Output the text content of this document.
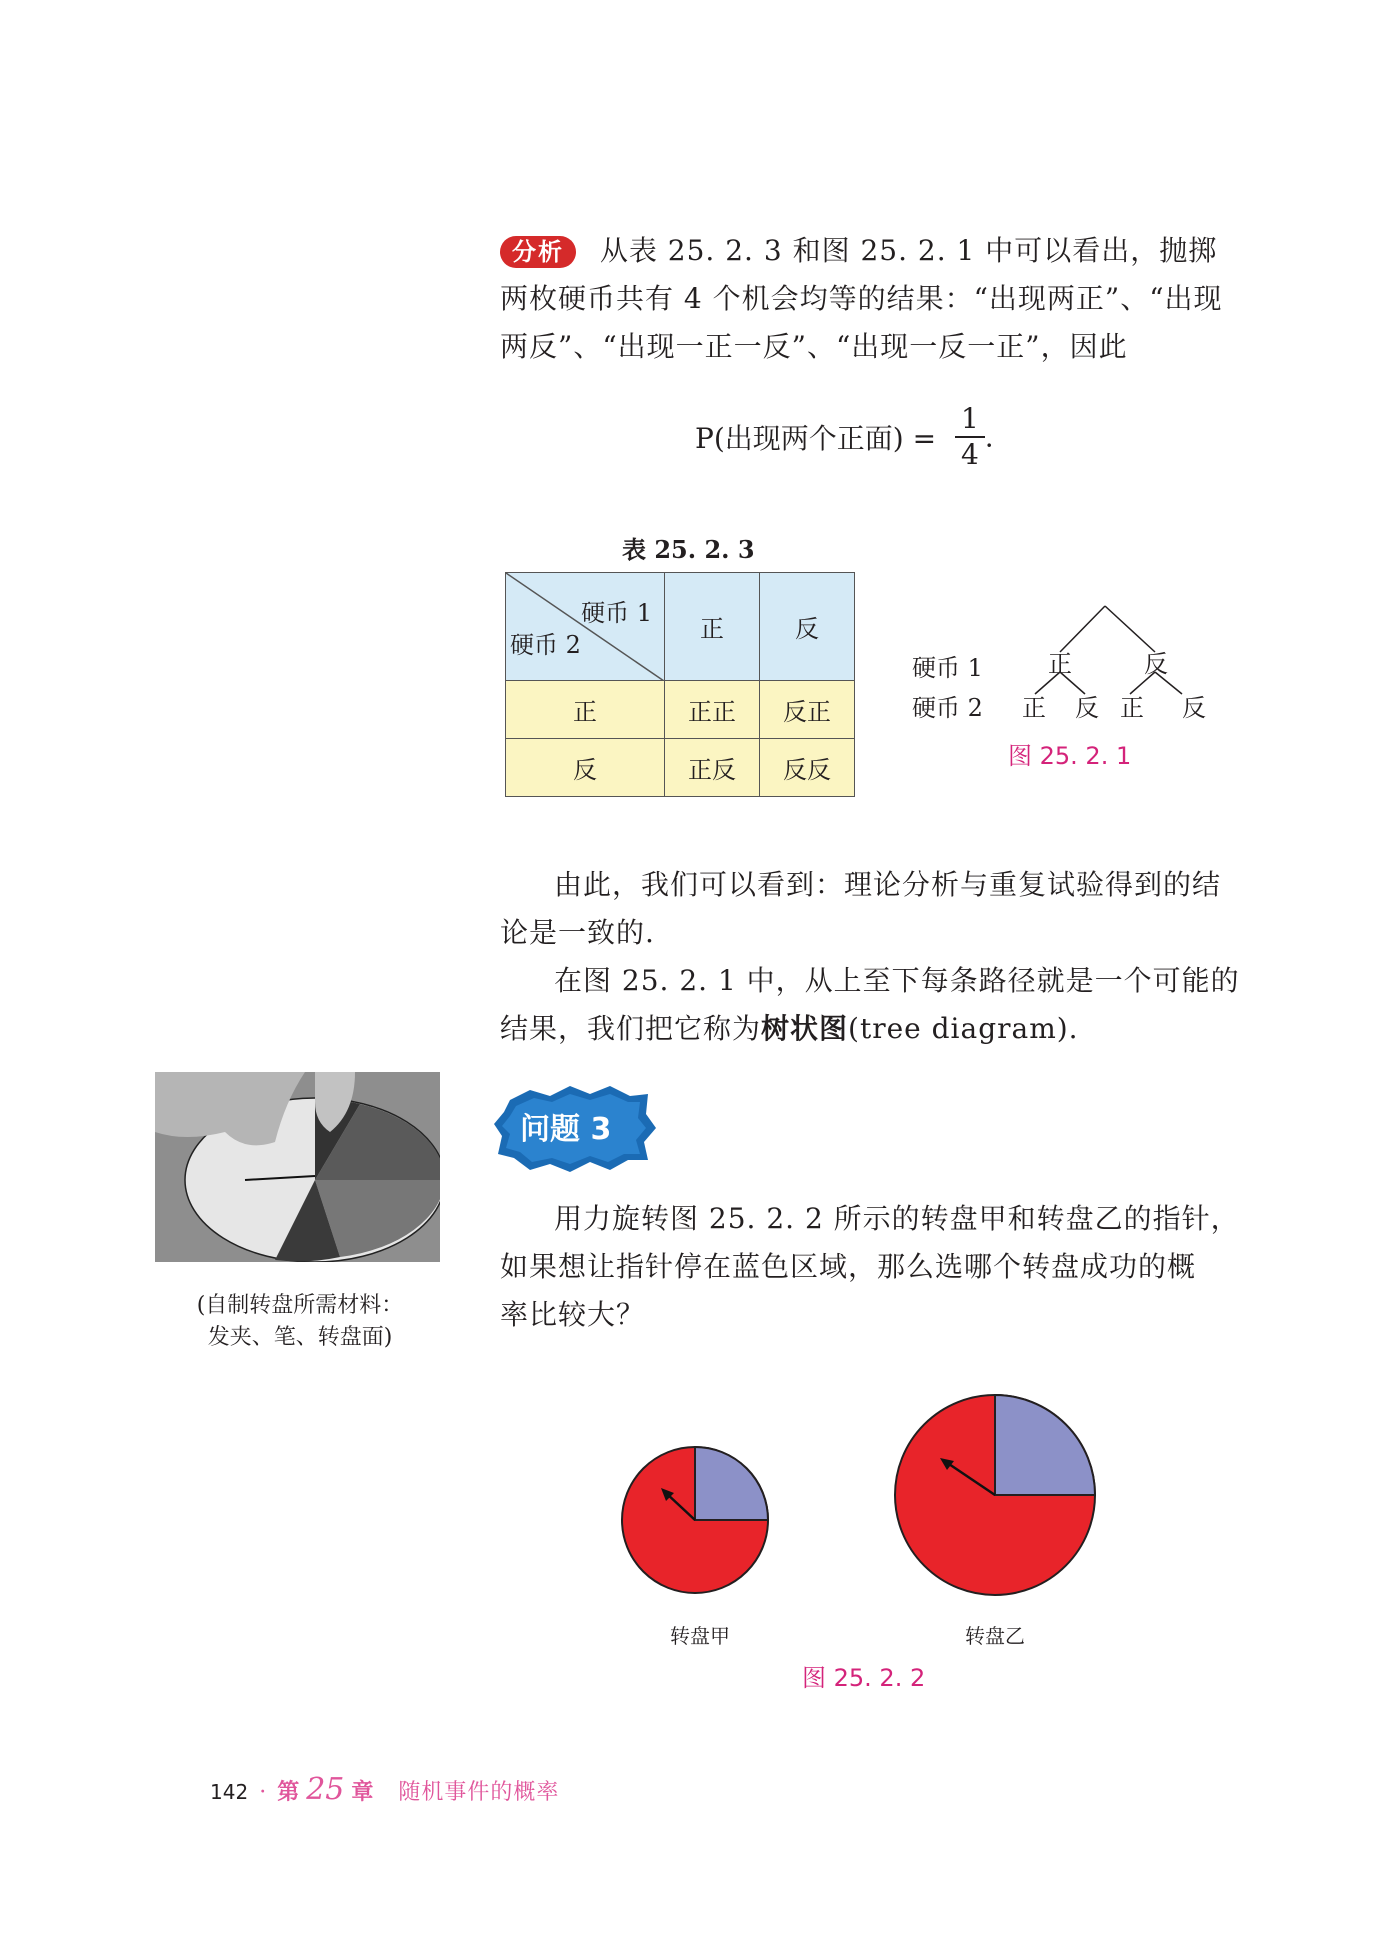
分析 从表 25. 2. 3 和图 25. 2. 1 中可以看出，抛掷
两枚硬币共有 4 个机会均等的结果：“出现两正”、“出现
两反”、“出现一正一反”、“出现一反一正”，因此
P(出现两个正面) = $\frac{1}{4}$ .
表 25. 2. 3
硬币 1
硬币 2	正	反
正	正正	反正
反	正反	反反
硬币 1
硬币 2
正	反
正 反 正 反
图 25. 2. 1
由此，我们可以看到：理论分析与重复试验得到的结
论是一致的.
在图 25. 2. 1 中，从上至下每条路径就是一个可能的
结果，我们把它称为树状图(tree diagram).
(自制转盘所需材料：
发夹、笔、转盘面)
问题 3
用力旋转图 25. 2. 2 所示的转盘甲和转盘乙的指针，
如果想让指针停在蓝色区域，那么选哪个转盘成功的概
率比较大？
转盘甲	转盘乙
图 25. 2. 2
142 · 第 25 章 随机事件的概率
